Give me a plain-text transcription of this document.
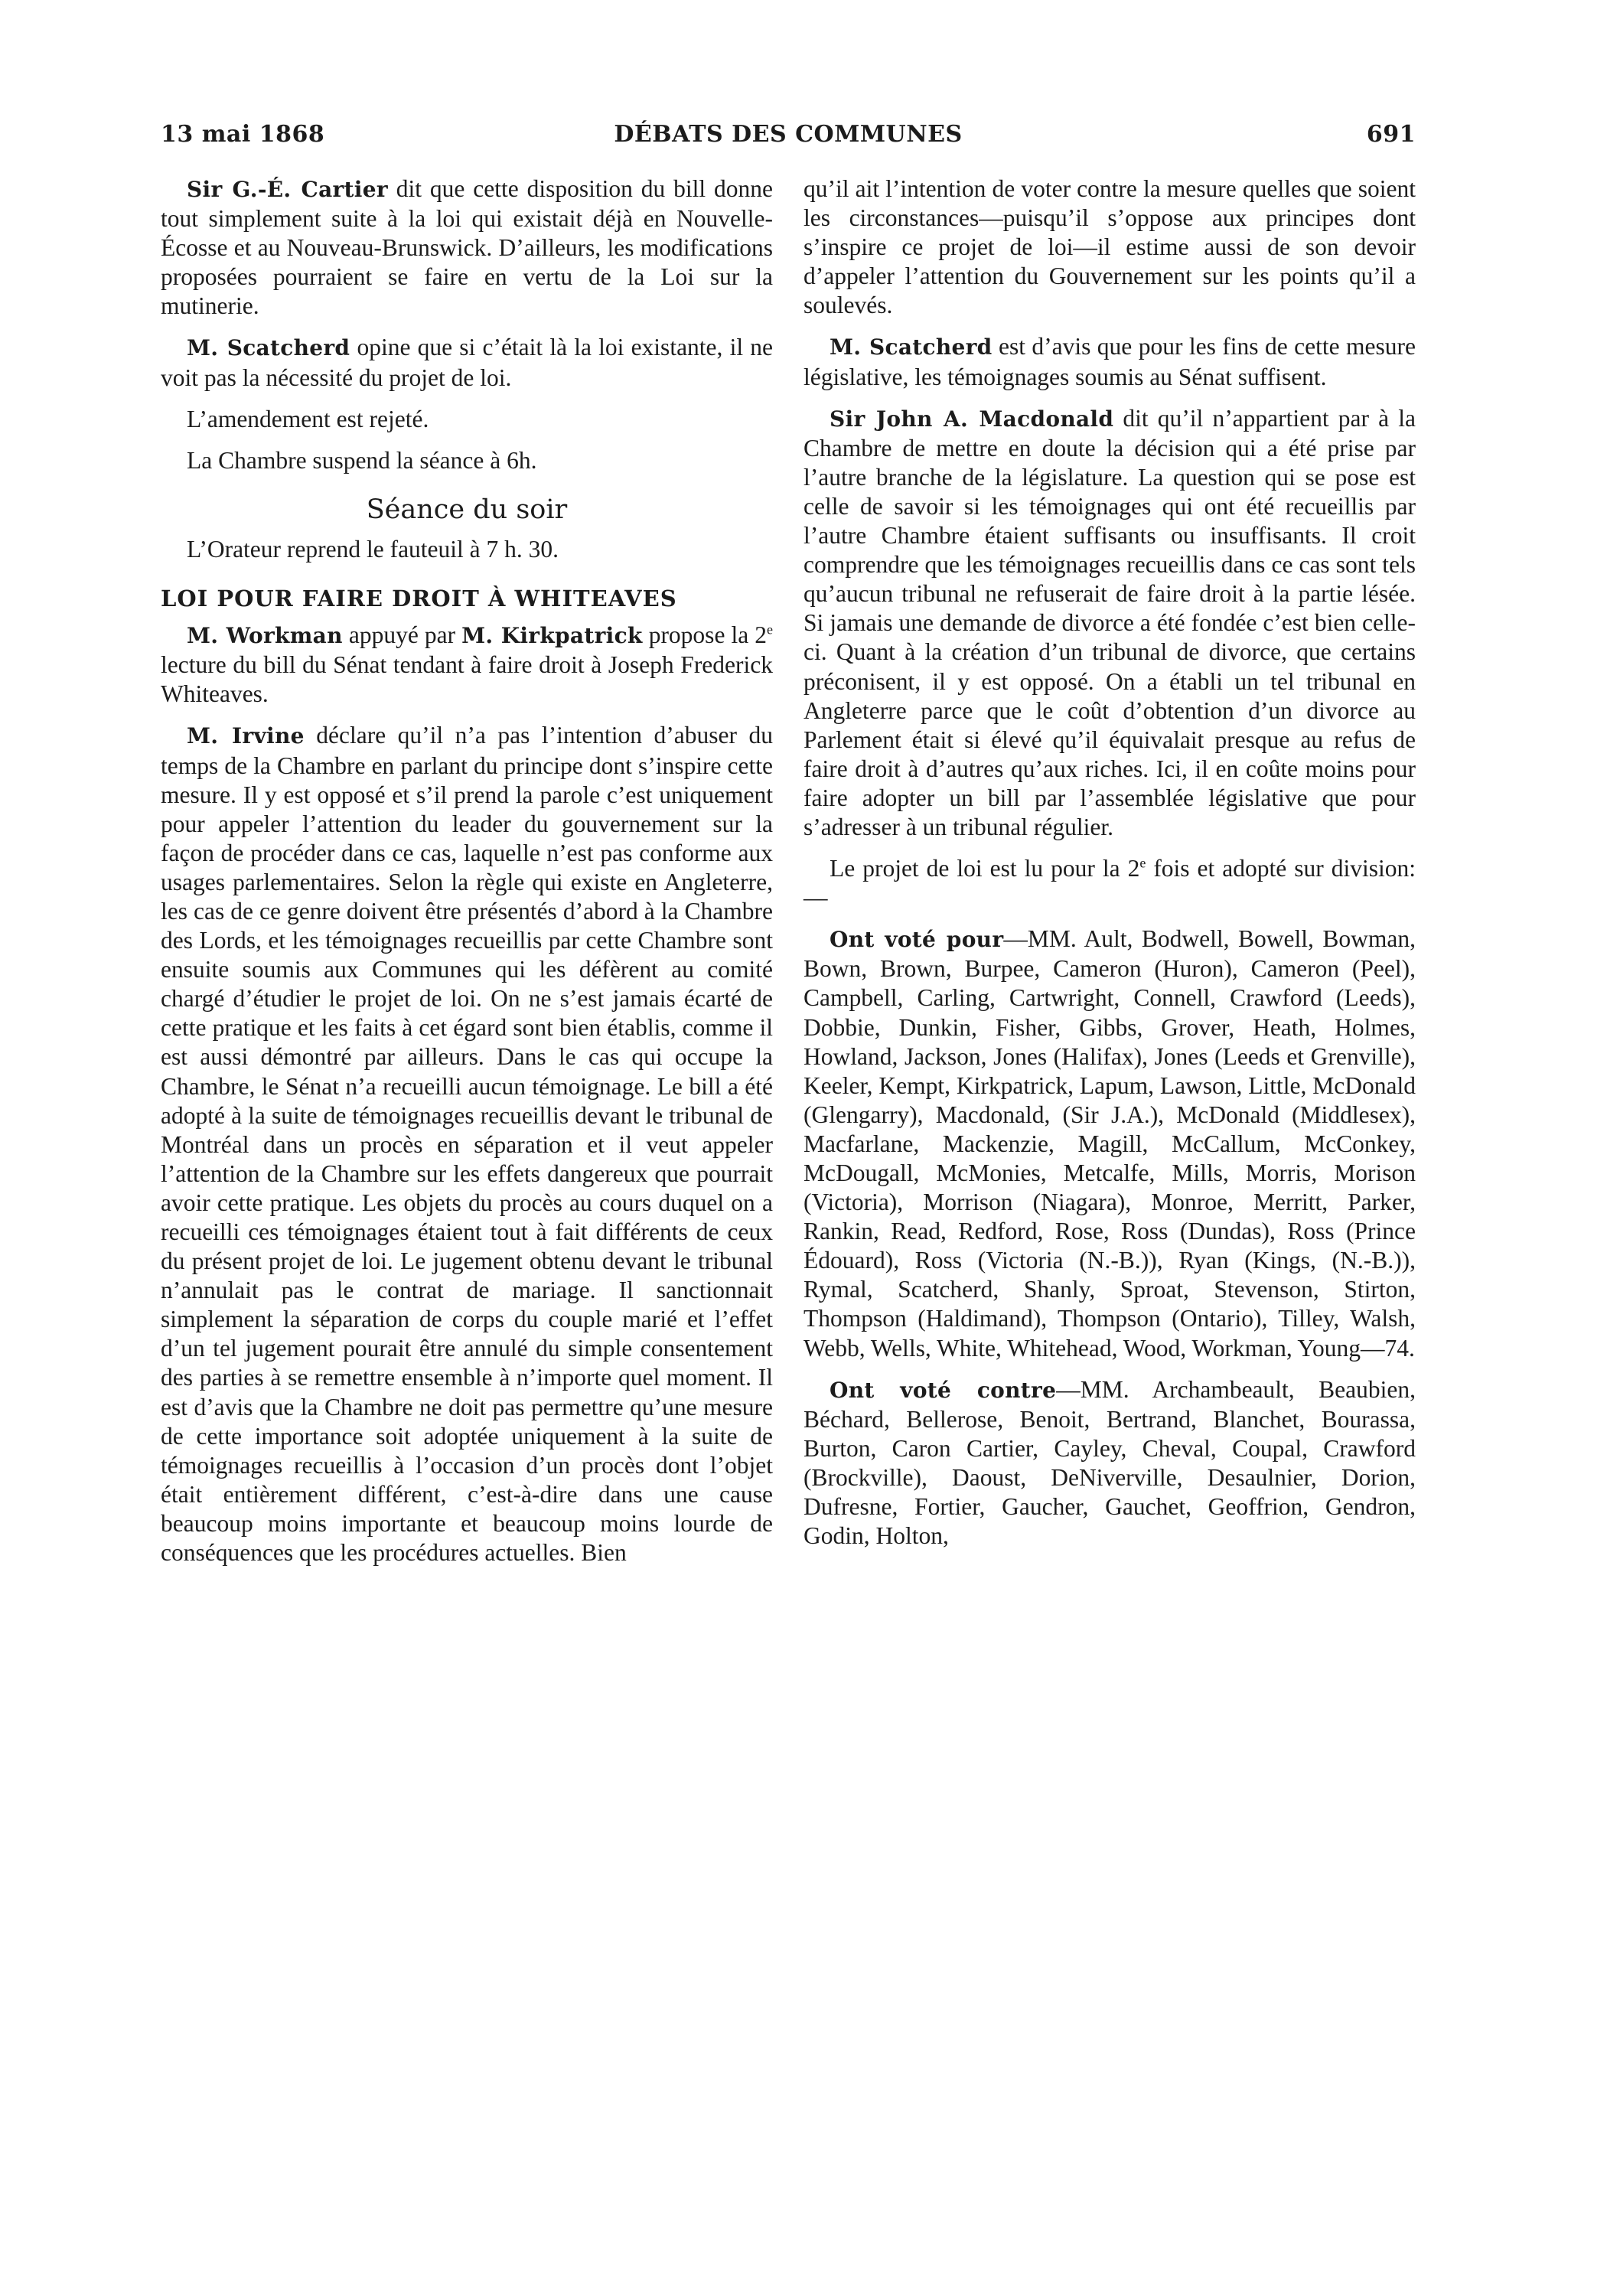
13 mai 1868	DÉBATS DES COMMUNES	691

Sir G.-É. Cartier dit que cette disposition du bill donne tout simplement suite à la loi qui existait déjà en Nouvelle-Écosse et au Nouveau-Brunswick. D’ailleurs, les modifications proposées pourraient se faire en vertu de la Loi sur la mutinerie.

M. Scatcherd opine que si c’était là la loi existante, il ne voit pas la nécessité du projet de loi.

L’amendement est rejeté.

La Chambre suspend la séance à 6h.

Séance du soir

L’Orateur reprend le fauteuil à 7 h. 30.

LOI POUR FAIRE DROIT À WHITEAVES

M. Workman appuyé par M. Kirkpatrick propose la 2e lecture du bill du Sénat tendant à faire droit à Joseph Frederick Whiteaves.

M. Irvine déclare qu’il n’a pas l’intention d’abuser du temps de la Chambre en parlant du principe dont s’inspire cette mesure. Il y est opposé et s’il prend la parole c’est uniquement pour appeler l’attention du leader du gouvernement sur la façon de procéder dans ce cas, laquelle n’est pas conforme aux usages parlementaires. Selon la règle qui existe en Angleterre, les cas de ce genre doivent être présentés d’abord à la Chambre des Lords, et les témoignages recueillis par cette Chambre sont ensuite soumis aux Communes qui les défèrent au comité chargé d’étudier le projet de loi. On ne s’est jamais écarté de cette pratique et les faits à cet égard sont bien établis, comme il est aussi démontré par ailleurs. Dans le cas qui occupe la Chambre, le Sénat n’a recueilli aucun témoignage. Le bill a été adopté à la suite de témoignages recueillis devant le tribunal de Montréal dans un procès en séparation et il veut appeler l’attention de la Chambre sur les effets dangereux que pourrait avoir cette pratique. Les objets du procès au cours duquel on a recueilli ces témoignages étaient tout à fait différents de ceux du présent projet de loi. Le jugement obtenu devant le tribunal n’annulait pas le contrat de mariage. Il sanctionnait simplement la séparation de corps du couple marié et l’effet d’un tel jugement pourait être annulé du simple consentement des parties à se remettre ensemble à n’importe quel moment. Il est d’avis que la Chambre ne doit pas permettre qu’une mesure de cette importance soit adoptée uniquement à la suite de témoignages recueillis à l’occasion d’un procès dont l’objet était entièrement différent, c’est-à-dire dans une cause beaucoup moins importante et beaucoup moins lourde de conséquences que les procédures actuelles. Bien

qu’il ait l’intention de voter contre la mesure quelles que soient les circonstances—puisqu’il s’oppose aux principes dont s’inspire ce projet de loi—il estime aussi de son devoir d’appeler l’attention du Gouvernement sur les points qu’il a soulevés.

M. Scatcherd est d’avis que pour les fins de cette mesure législative, les témoignages soumis au Sénat suffisent.

Sir John A. Macdonald dit qu’il n’appartient par à la Chambre de mettre en doute la décision qui a été prise par l’autre branche de la législature. La question qui se pose est celle de savoir si les témoignages qui ont été recueillis par l’autre Chambre étaient suffisants ou insuffisants. Il croit comprendre que les témoignages recueillis dans ce cas sont tels qu’aucun tribunal ne refuserait de faire droit à la partie lésée. Si jamais une demande de divorce a été fondée c’est bien celle-ci. Quant à la création d’un tribunal de divorce, que certains préconisent, il y est opposé. On a établi un tel tribunal en Angleterre parce que le coût d’obtention d’un divorce au Parlement était si élevé qu’il équivalait presque au refus de faire droit à d’autres qu’aux riches. Ici, il en coûte moins pour faire adopter un bill par l’assemblée législative que pour s’adresser à un tribunal régulier.

Le projet de loi est lu pour la 2e fois et adopté sur division:—

Ont voté pour—MM. Ault, Bodwell, Bowell, Bowman, Bown, Brown, Burpee, Cameron (Huron), Cameron (Peel), Campbell, Carling, Cartwright, Connell, Crawford (Leeds), Dobbie, Dunkin, Fisher, Gibbs, Grover, Heath, Holmes, Howland, Jackson, Jones (Halifax), Jones (Leeds et Grenville), Keeler, Kempt, Kirkpatrick, Lapum, Lawson, Little, McDonald (Glengarry), Macdonald, (Sir J.A.), McDonald (Middlesex), Macfarlane, Mackenzie, Magill, McCallum, McConkey, McDougall, McMonies, Metcalfe, Mills, Morris, Morison (Victoria), Morrison (Niagara), Monroe, Merritt, Parker, Rankin, Read, Redford, Rose, Ross (Dundas), Ross (Prince Édouard), Ross (Victoria (N.-B.)), Ryan (Kings, (N.-B.)), Rymal, Scatcherd, Shanly, Sproat, Stevenson, Stirton, Thompson (Haldimand), Thompson (Ontario), Tilley, Walsh, Webb, Wells, White, Whitehead, Wood, Workman, Young—74.

Ont voté contre—MM. Archambeault, Beaubien, Béchard, Bellerose, Benoit, Bertrand, Blanchet, Bourassa, Burton, Caron Cartier, Cayley, Cheval, Coupal, Crawford (Brockville), Daoust, DeNiverville, Desaulnier, Dorion, Dufresne, Fortier, Gaucher, Gauchet, Geoffrion, Gendron, Godin, Holton,
